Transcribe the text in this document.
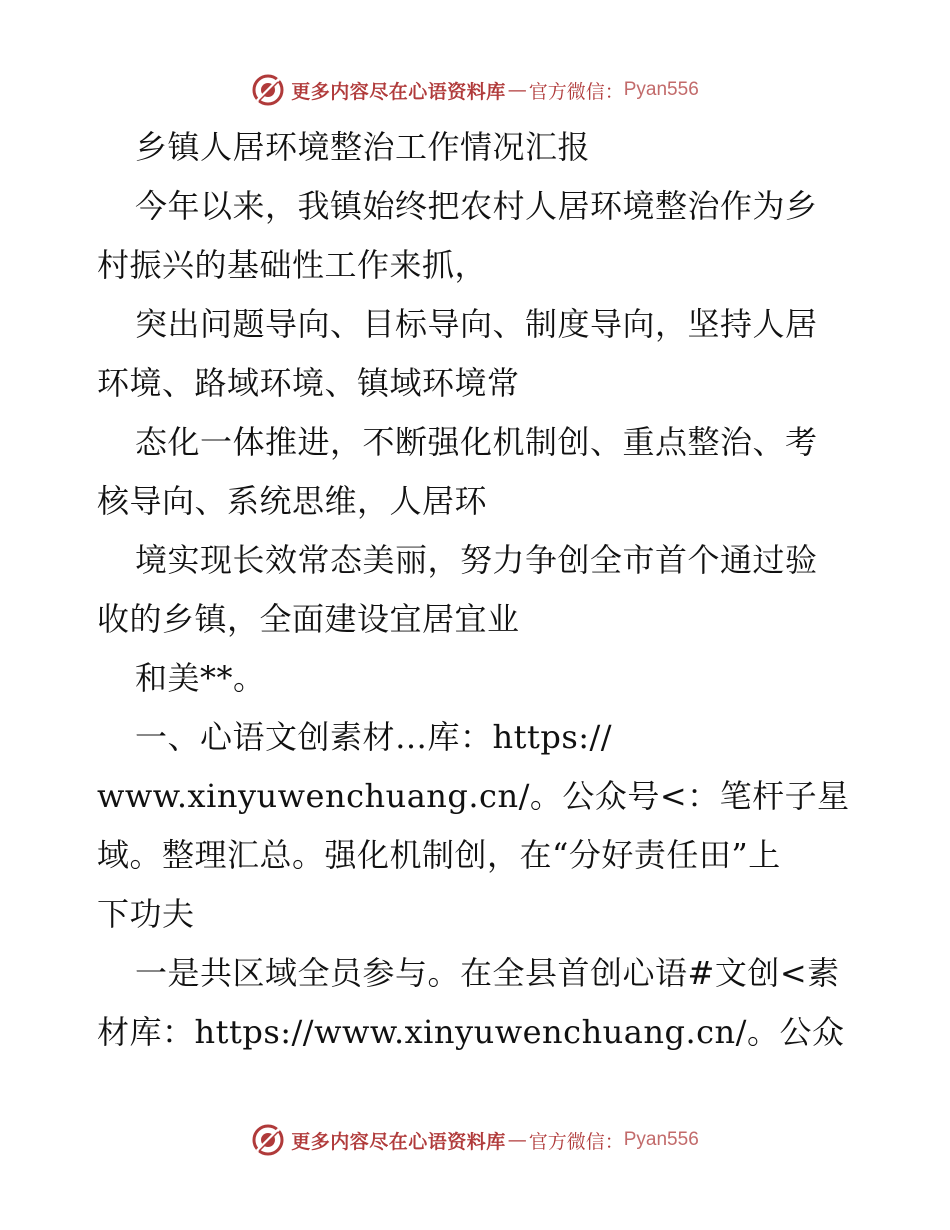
更多内容尽在心语资料库 — 官方微信： Pyan556
乡镇人居环境整治工作情况汇报
今年以来，我镇始终把农村人居环境整治作为乡
村振兴的基础性工作来抓，
突出问题导向、目标导向、制度导向，坚持人居
环境、路域环境、镇域环境常
态化一体推进，不断强化机制创、重点整治、考
核导向、系统思维，人居环
境实现长效常态美丽，努力争创全市首个通过验
收的乡镇，全面建设宜居宜业
和美**。
一、心语文创素材…库：https://
www.xinyuwenchuang.cn/。公众号<：笔杆子星
域。整理汇总。强化机制创，在“分好责任田”上
下功夫
一是共区域全员参与。在全县首创心语#文创<素
材库：https://www.xinyuwenchuang.cn/。公众
更多内容尽在心语资料库 — 官方微信： Pyan556
